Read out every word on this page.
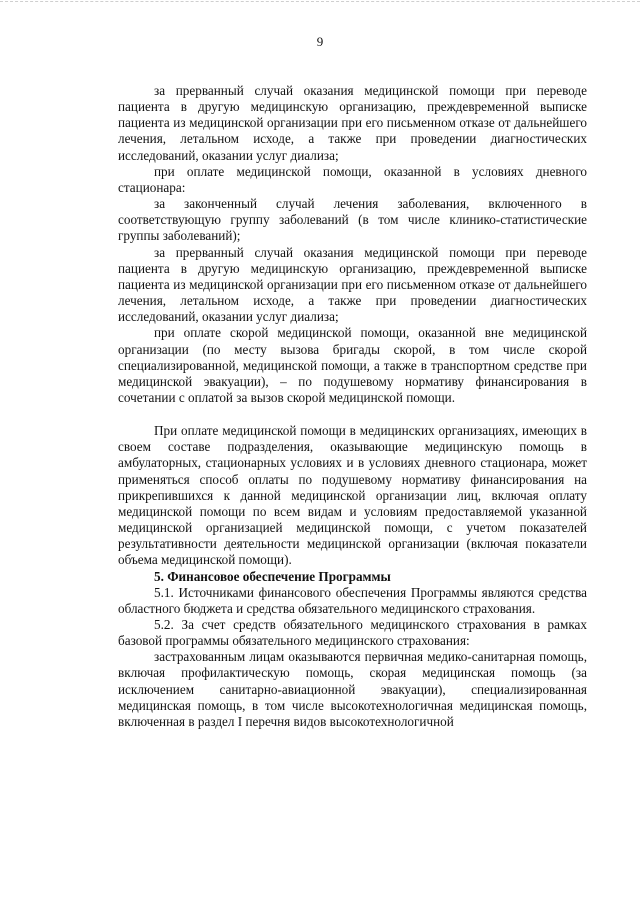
9

за прерванный случай оказания медицинской помощи при переводе пациента в другую медицинскую организацию, преждевременной выписке пациента из медицинской организации при его письменном отказе от дальнейшего лечения, летальном исходе, а также при проведении диагностических исследований, оказании услуг диализа;

при оплате медицинской помощи, оказанной в условиях дневного стационара:

за законченный случай лечения заболевания, включенного в соответствующую группу заболеваний (в том числе клинико-статистические группы заболеваний);

за прерванный случай оказания медицинской помощи при переводе пациента в другую медицинскую организацию, преждевременной выписке пациента из медицинской организации при его письменном отказе от дальнейшего лечения, летальном исходе, а также при проведении диагностических исследований, оказании услуг диализа;

при оплате скорой медицинской помощи, оказанной вне медицинской организации (по месту вызова бригады скорой, в том числе скорой специализированной, медицинской помощи, а также в транспортном средстве при медицинской эвакуации), – по подушевому нормативу финансирования в сочетании с оплатой за вызов скорой медицинской помощи.

При оплате медицинской помощи в медицинских организациях, имеющих в своем составе подразделения, оказывающие медицинскую помощь в амбулаторных, стационарных условиях и в условиях дневного стационара, может применяться способ оплаты по подушевому нормативу финансирования на прикрепившихся к данной медицинской организации лиц, включая оплату медицинской помощи по всем видам и условиям предоставляемой указанной медицинской организацией медицинской помощи, с учетом показателей результативности деятельности медицинской организации (включая показатели объема медицинской помощи).

5. Финансовое обеспечение Программы

5.1. Источниками финансового обеспечения Программы являются средства областного бюджета и средства обязательного медицинского страхования.

5.2. За счет средств обязательного медицинского страхования в рамках базовой программы обязательного медицинского страхования:

застрахованным лицам оказываются первичная медико-санитарная помощь, включая профилактическую помощь, скорая медицинская помощь (за исключением санитарно-авиационной эвакуации), специализированная медицинская помощь, в том числе высокотехнологичная медицинская помощь, включенная в раздел I перечня видов высокотехнологичной
